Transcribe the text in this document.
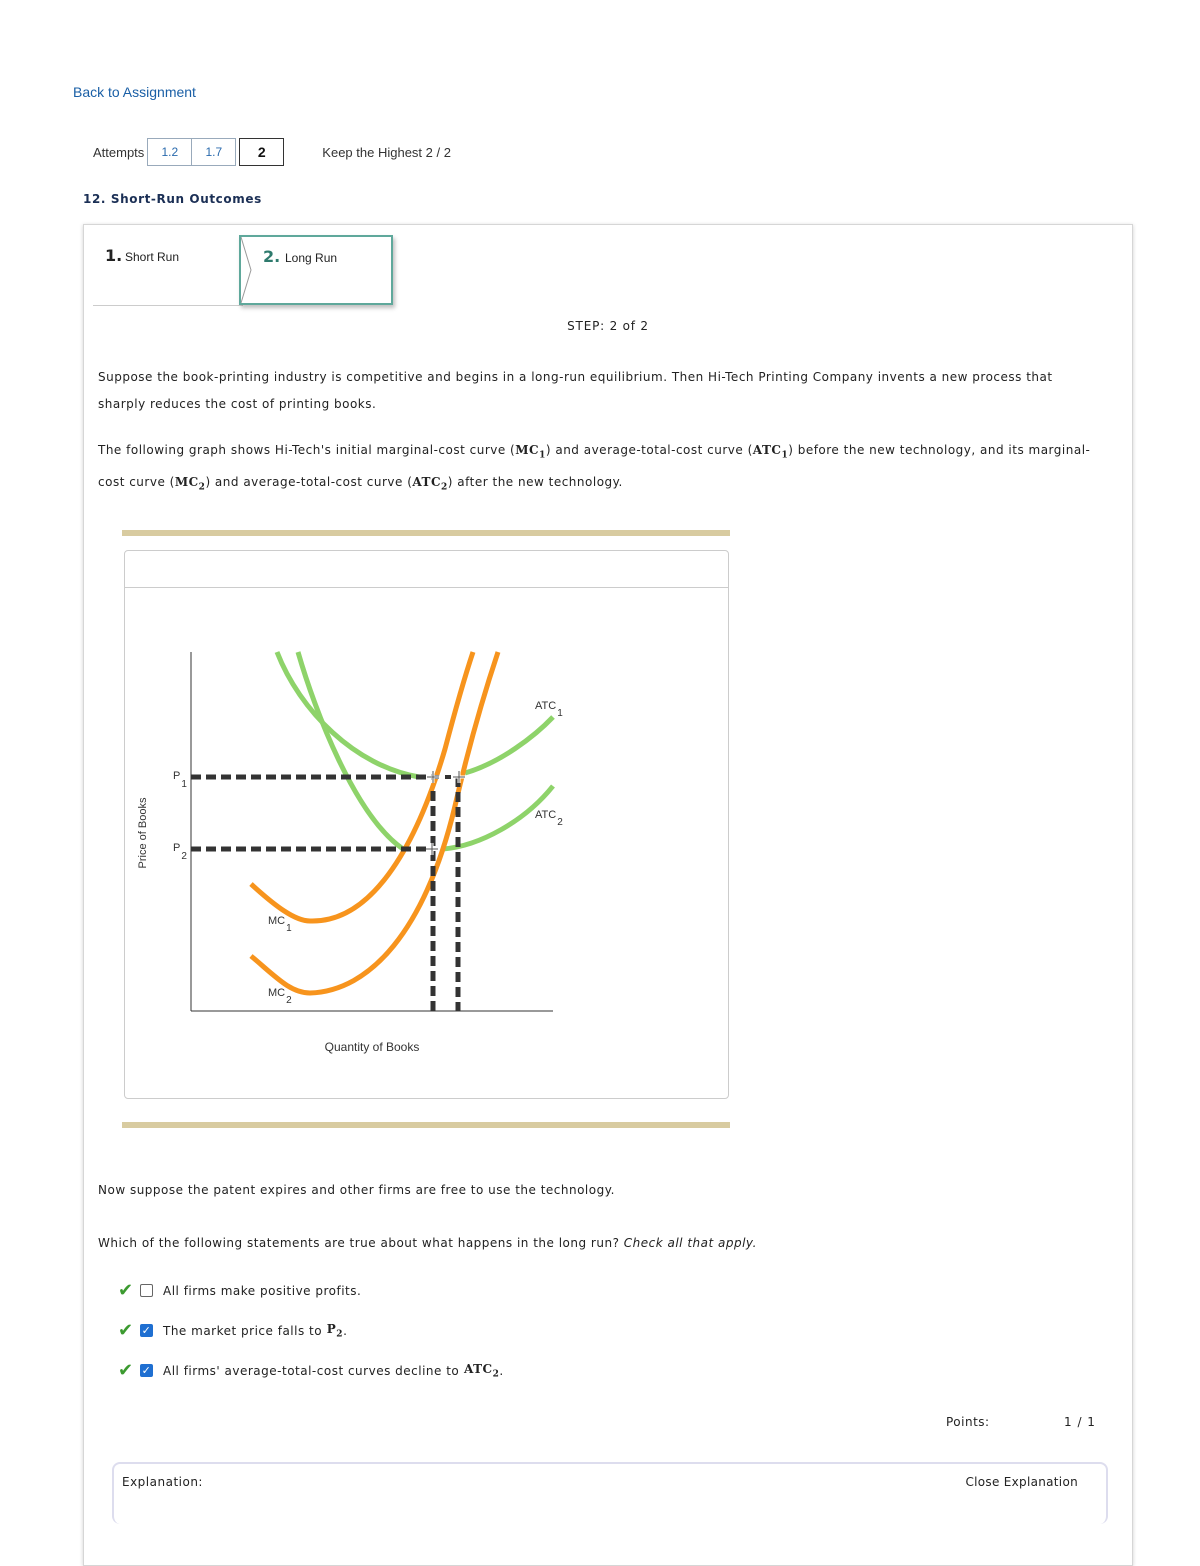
Back to Assignment
Attempts	1.2	1.7	2	Keep the Highest 2 / 2
12. Short-Run Outcomes
1. Short Run	2. Long Run
STEP: 2 of 2
Suppose the book-printing industry is competitive and begins in a long-run equilibrium. Then Hi-Tech Printing Company invents a new process that sharply reduces the cost of printing books.
The following graph shows Hi-Tech's initial marginal-cost curve $(MC_1)$ and average-total-cost curve $(ATC_1)$ before the new technology, and its marginal-cost curve $(MC_2)$ and average-total-cost curve $(ATC_2)$ after the new technology.
ATC1
ATC2
MC1
MC2
P1
P2
Price of Books
Quantity of Books
Now suppose the patent expires and other firms are free to use the technology.
Which of the following statements are true about what happens in the long run? Check all that apply.
✔	All firms make positive profits.
✔ ✓ The market price falls to $P_2$ .
✔ ✓ All firms' average-total-cost curves decline to $ATC_2$ .
Points:	1 / 1
Explanation:	Close Explanation
